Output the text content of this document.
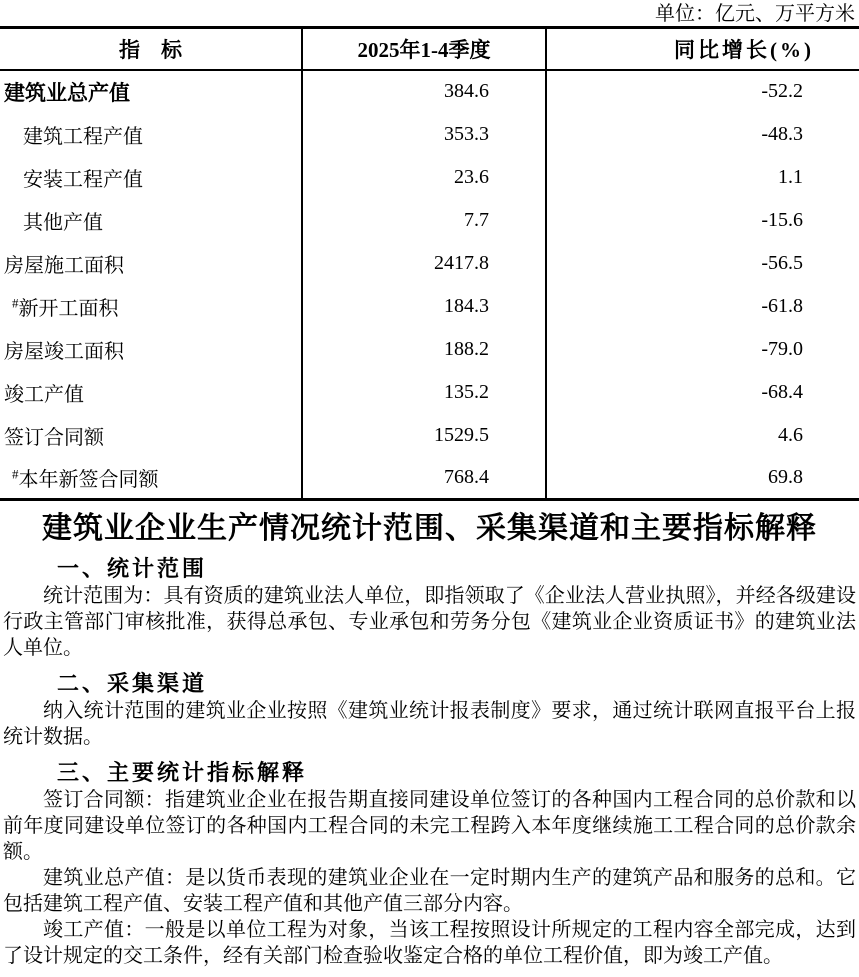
单位：亿元、万平方米
指　标	2025年1-4季度	同比增长(%)
建筑业总产值	384.6	-52.2
建筑工程产值	353.3	-48.3
安装工程产值	23.6	1.1
其他产值	7.7	-15.6
房屋施工面积	2417.8	-56.5
#新开工面积	184.3	-61.8
房屋竣工面积	188.2	-79.0
竣工产值	135.2	-68.4
签订合同额	1529.5	4.6
#本年新签合同额	768.4	69.8
建筑业企业生产情况统计范围、采集渠道和主要指标解释
一、统计范围

统计范围为：具有资质的建筑业法人单位，即指领取了《企业法人营业执照》，并经各级建设行政主管部门审核批准，获得总承包、专业承包和劳务分包《建筑业企业资质证书》的建筑业法人单位。

二、采集渠道

纳入统计范围的建筑业企业按照《建筑业统计报表制度》要求，通过统计联网直报平台上报统计数据。

三、主要统计指标解释

签订合同额：指建筑业企业在报告期直接同建设单位签订的各种国内工程合同的总价款和以前年度同建设单位签订的各种国内工程合同的未完工程跨入本年度继续施工工程合同的总价款余额。

建筑业总产值：是以货币表现的建筑业企业在一定时期内生产的建筑产品和服务的总和。它包括建筑工程产值、安装工程产值和其他产值三部分内容。

竣工产值：一般是以单位工程为对象，当该工程按照设计所规定的工程内容全部完成，达到了设计规定的交工条件，经有关部门检查验收鉴定合格的单位工程价值，即为竣工产值。
